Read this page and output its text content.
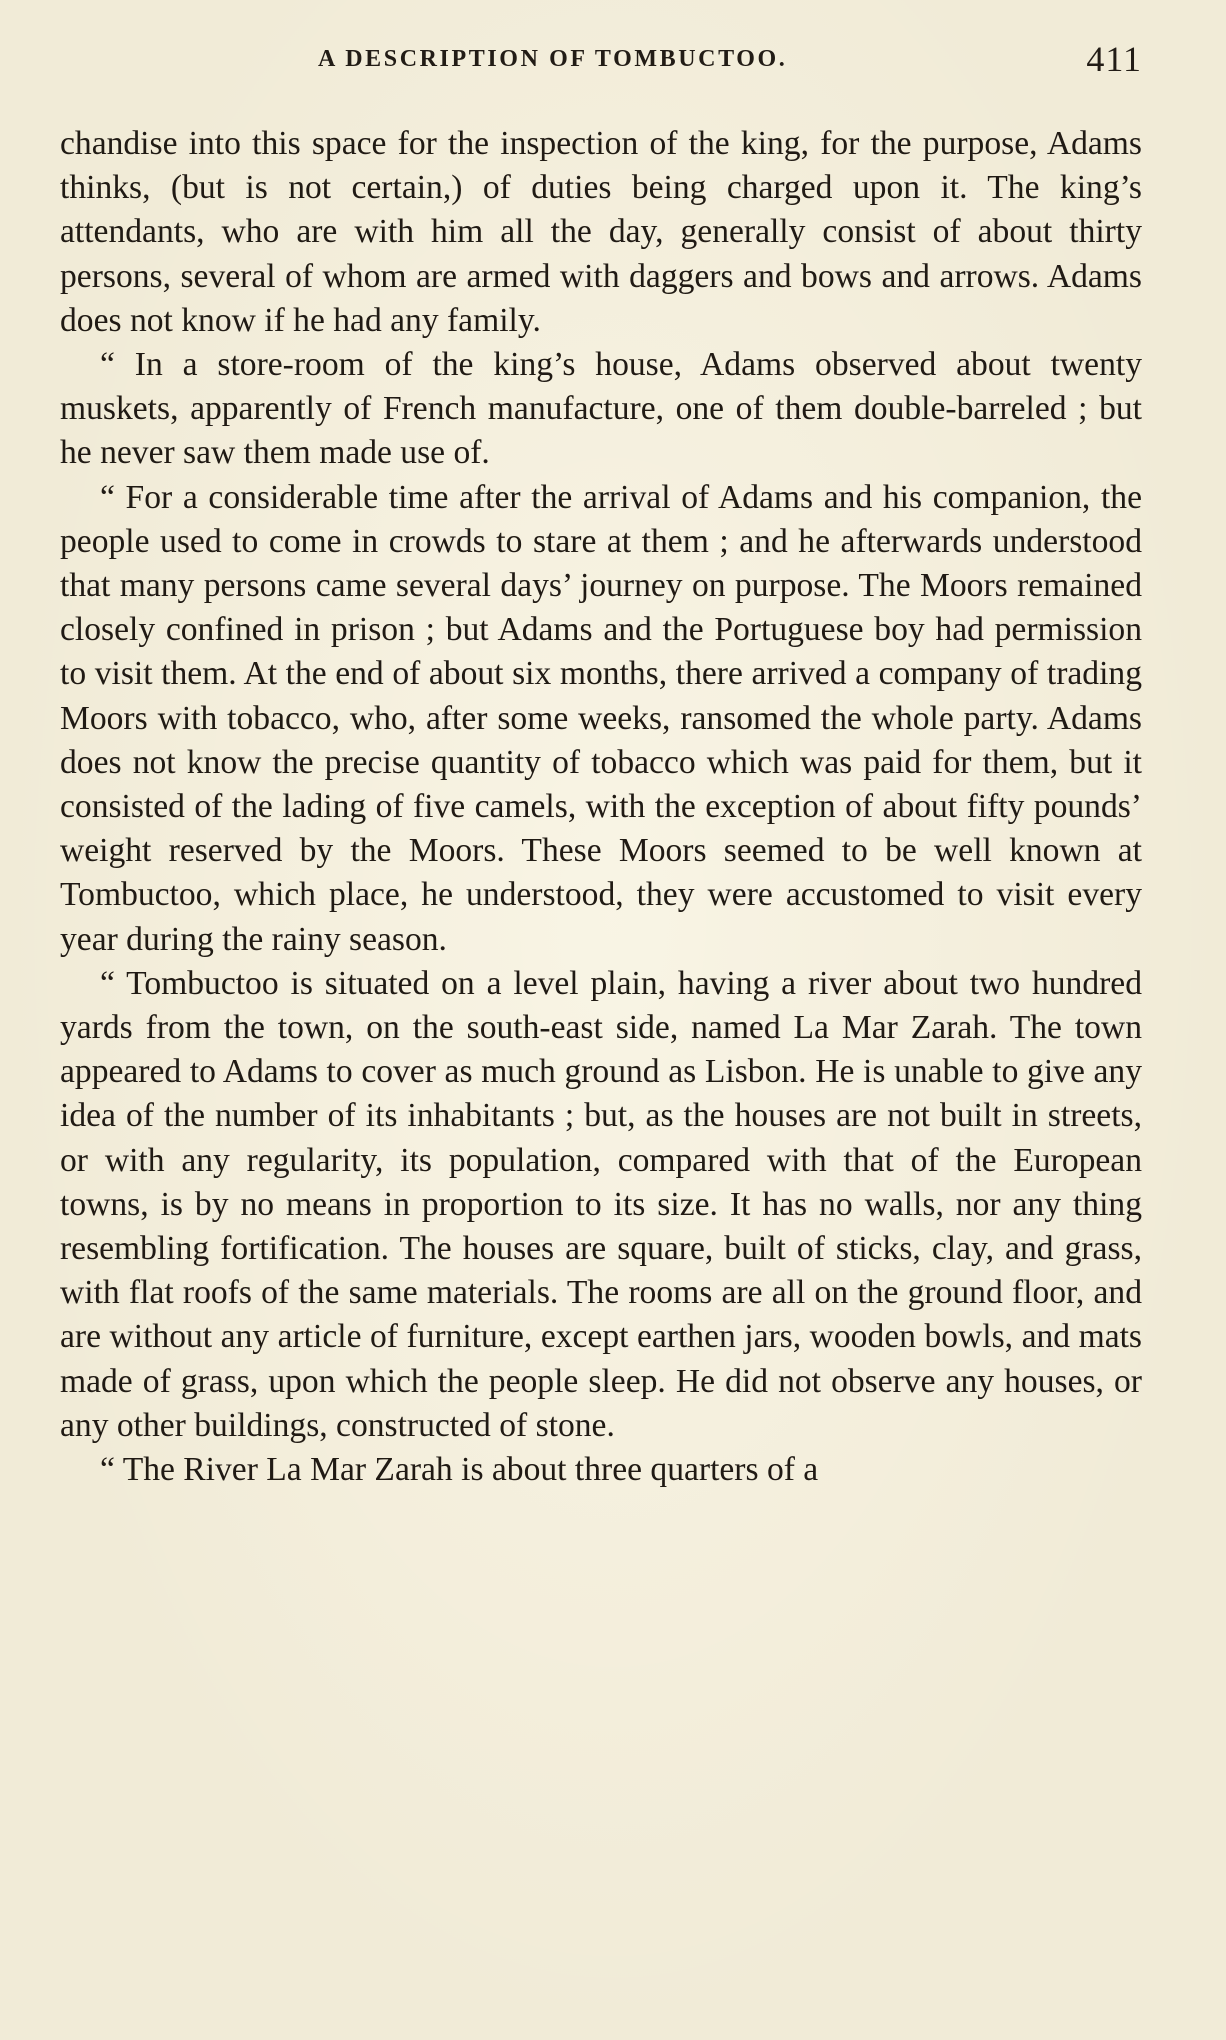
A DESCRIPTION OF TOMBUCTOO.	411

chandise into this space for the inspection of the king, for the purpose, Adams thinks, (but is not certain,) of duties being charged upon it. The king’s attendants, who are with him all the day, generally consist of about thirty persons, several of whom are armed with daggers and bows and arrows. Adams does not know if he had any family.

“ In a store-room of the king’s house, Adams observed about twenty muskets, apparently of French manufacture, one of them double-barreled ; but he never saw them made use of.

“ For a considerable time after the arrival of Adams and his companion, the people used to come in crowds to stare at them ; and he afterwards understood that many persons came several days’ journey on purpose. The Moors remained closely confined in prison ; but Adams and the Portuguese boy had permission to visit them. At the end of about six months, there arrived a company of trading Moors with tobacco, who, after some weeks, ransomed the whole party. Adams does not know the precise quantity of tobacco which was paid for them, but it consisted of the lading of five camels, with the exception of about fifty pounds’ weight reserved by the Moors. These Moors seemed to be well known at Tombuctoo, which place, he understood, they were accustomed to visit every year during the rainy season.

“ Tombuctoo is situated on a level plain, having a river about two hundred yards from the town, on the south-east side, named La Mar Zarah. The town appeared to Adams to cover as much ground as Lisbon. He is unable to give any idea of the number of its inhabitants ; but, as the houses are not built in streets, or with any regularity, its population, compared with that of the European towns, is by no means in proportion to its size. It has no walls, nor any thing resembling fortification. The houses are square, built of sticks, clay, and grass, with flat roofs of the same materials. The rooms are all on the ground floor, and are without any article of furniture, except earthen jars, wooden bowls, and mats made of grass, upon which the people sleep. He did not observe any houses, or any other buildings, constructed of stone.

“ The River La Mar Zarah is about three quarters of a
